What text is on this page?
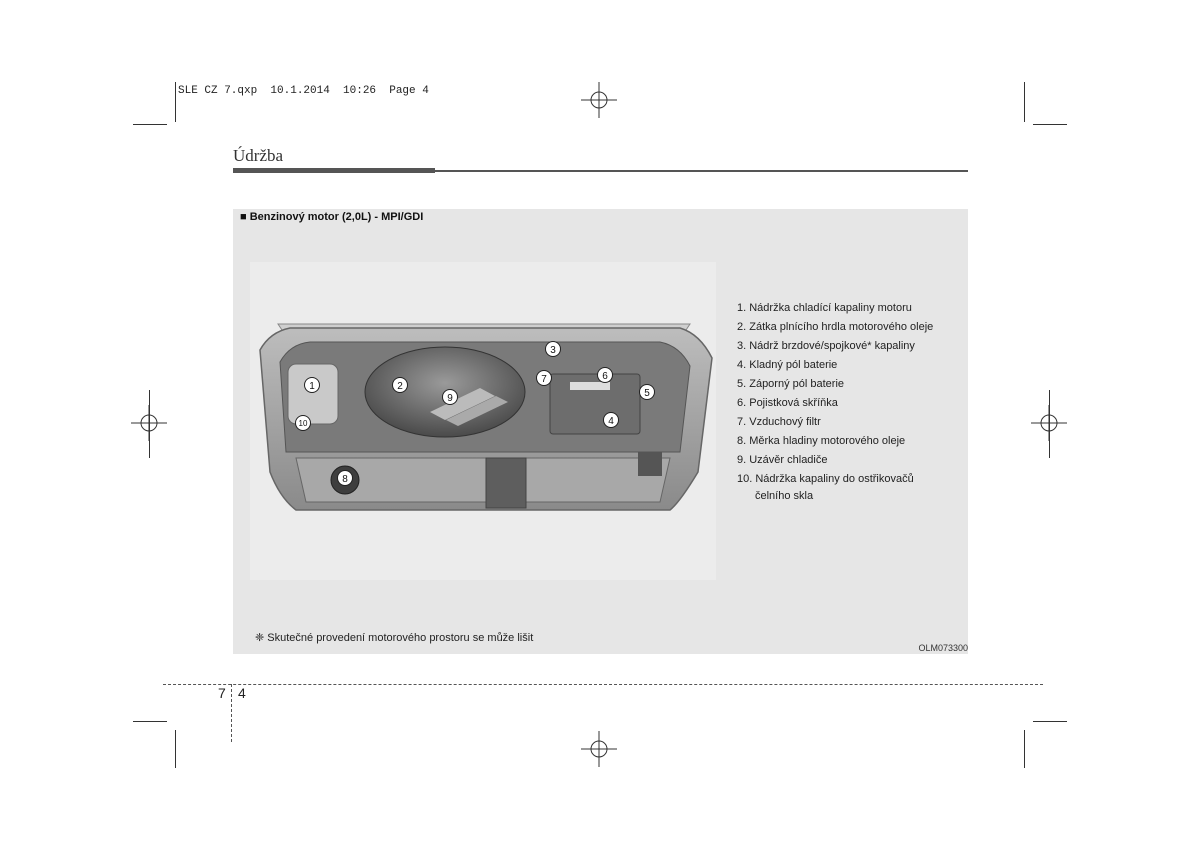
SLE CZ 7.qxp  10.1.2014  10:26  Page 4
Údržba
■ Benzinový motor (2,0L) - MPI/GDI
1	2
3
4
5
6
7
8
9
10
1. Nádržka chladící kapaliny motoru
2. Zátka plnícího hrdla motorového oleje
3. Nádrž brzdové/spojkové* kapaliny
4. Kladný pól baterie
5. Záporný pól baterie
6. Pojistková skříňka
7. Vzduchový filtr
8. Měrka hladiny motorového oleje
9. Uzávěr chladiče
10. Nádržka kapaliny do ostřikovačů
čelního skla
❈ Skutečné provedení motorového prostoru se může lišit
OLM073300
7 4
